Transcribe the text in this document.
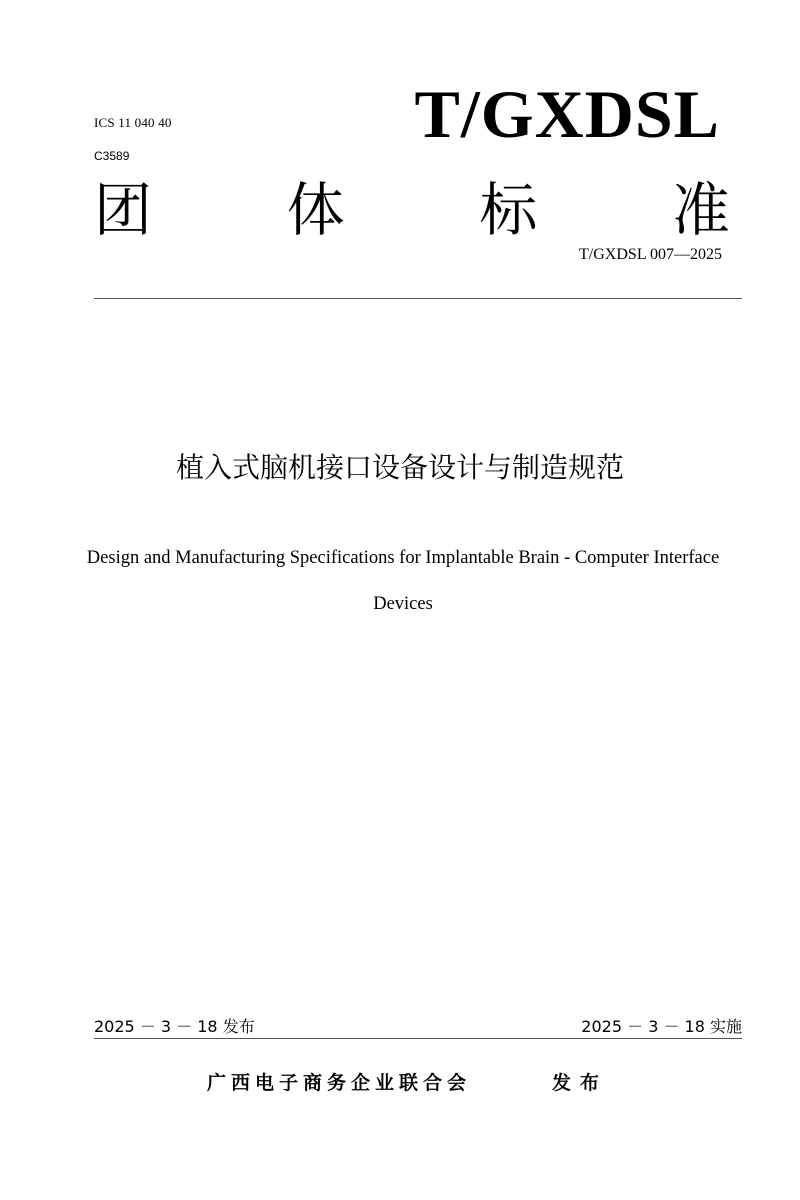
ICS 11 040 40
C3589
T/GXDSL
团 体 标 准
T/GXDSL 007—2025
植入式脑机接口设备设计与制造规范
Design and Manufacturing Specifications for Implantable Brain - Computer Interface
Devices
2025 － 3 － 18 发布	2025 － 3 － 18 实施
广西电子商务企业联合会	发布
